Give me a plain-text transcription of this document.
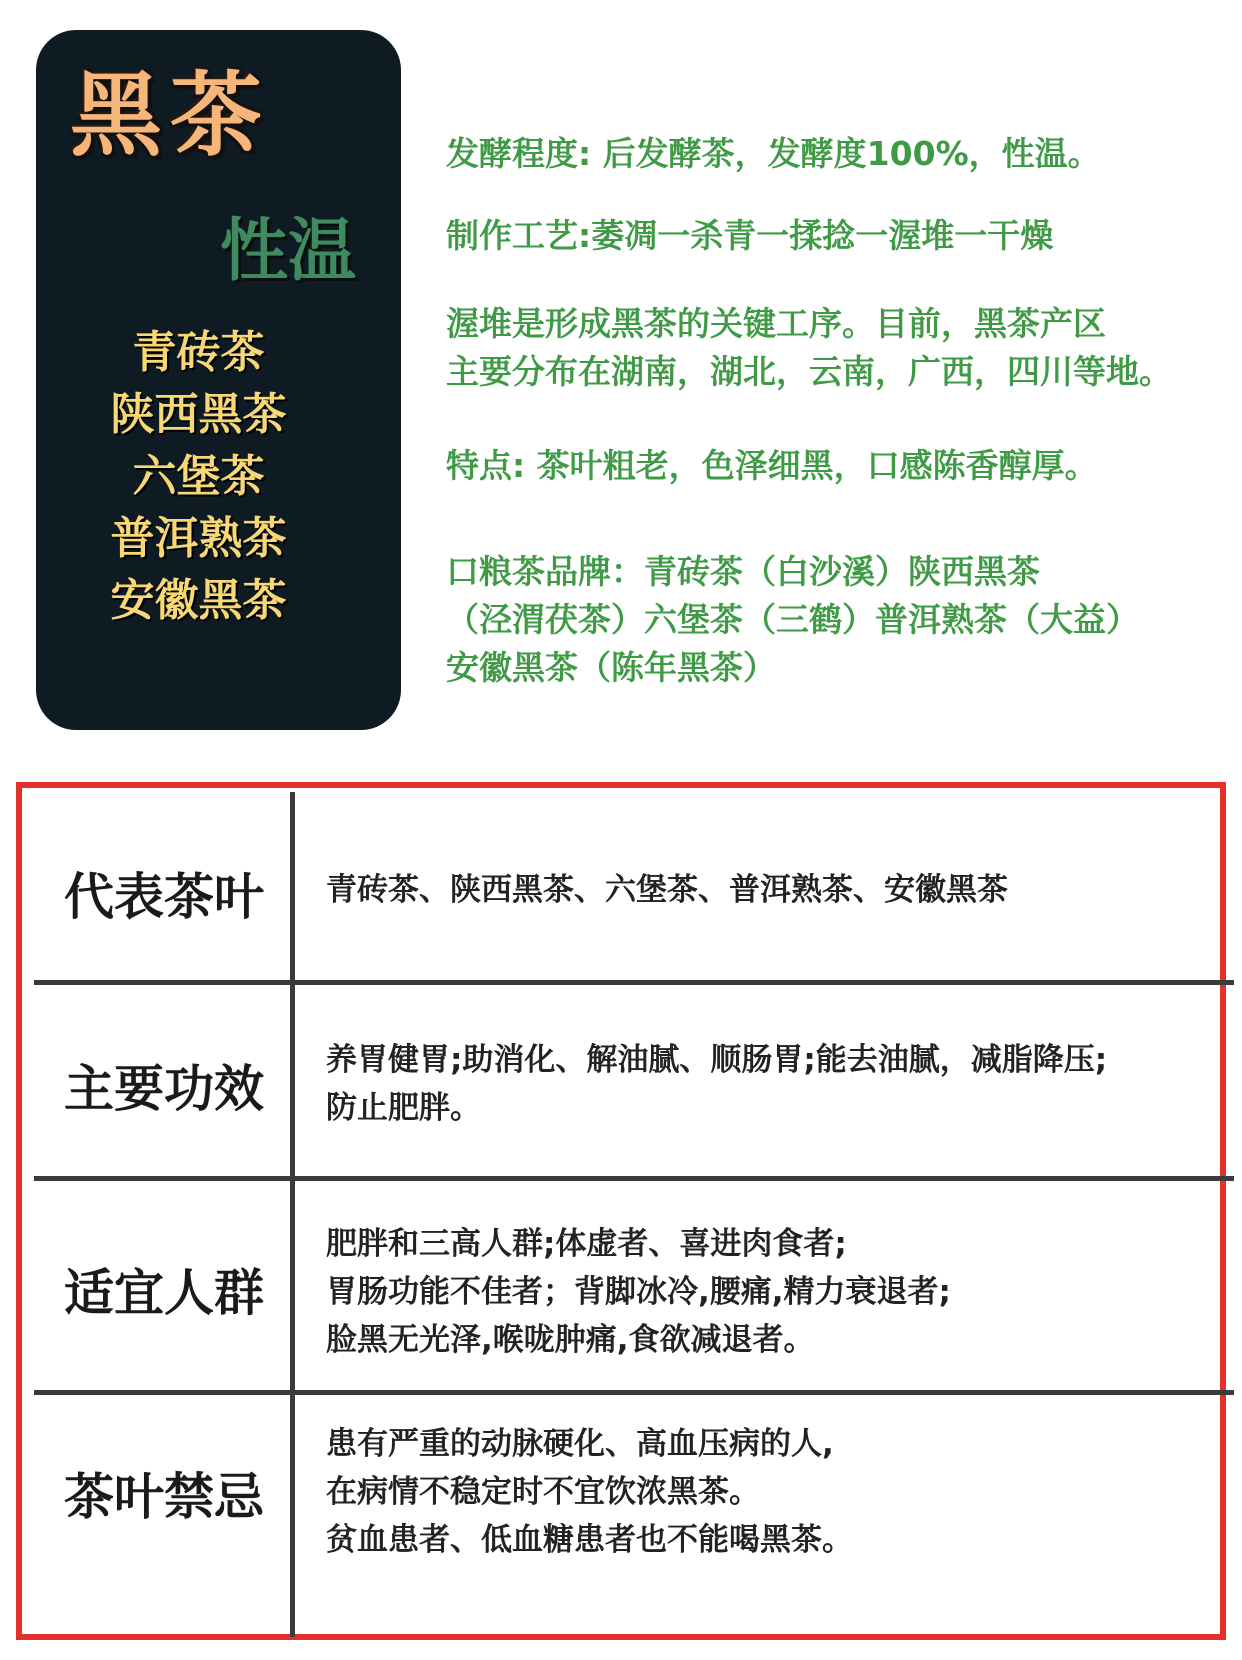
黑茶
性温
青砖茶
陕西黑茶
六堡茶
普洱熟茶
安徽黑茶
发酵程度: 后发酵茶，发酵度100%，性温。
制作工艺:萎凋一杀青一揉捻一渥堆一干燥
渥堆是形成黑茶的关键工序。目前，黑茶产区
主要分布在湖南，湖北，云南，广西，四川等地。
特点: 茶叶粗老，色泽细黑，口感陈香醇厚。
口粮茶品牌：青砖茶（白沙溪）陕西黑茶
（泾渭茯茶）六堡茶（三鹤）普洱熟茶（大益）
安徽黑茶（陈年黑茶）
代表茶叶	青砖茶、陕西黑茶、六堡茶、普洱熟茶、安徽黑茶
主要功效	养胃健胃;助消化、解油腻、顺肠胃;能去油腻，减脂降压;
防止肥胖。
适宜人群
肥胖和三高人群;体虚者、喜进肉食者;
胃肠功能不佳者；背脚冰冷,腰痛,精力衰退者;
脸黑无光泽,喉咙肿痛,食欲减退者。
茶叶禁忌
患有严重的动脉硬化、高血压病的人,
在病情不稳定时不宜饮浓黑茶。
贫血患者、低血糖患者也不能喝黑茶。
